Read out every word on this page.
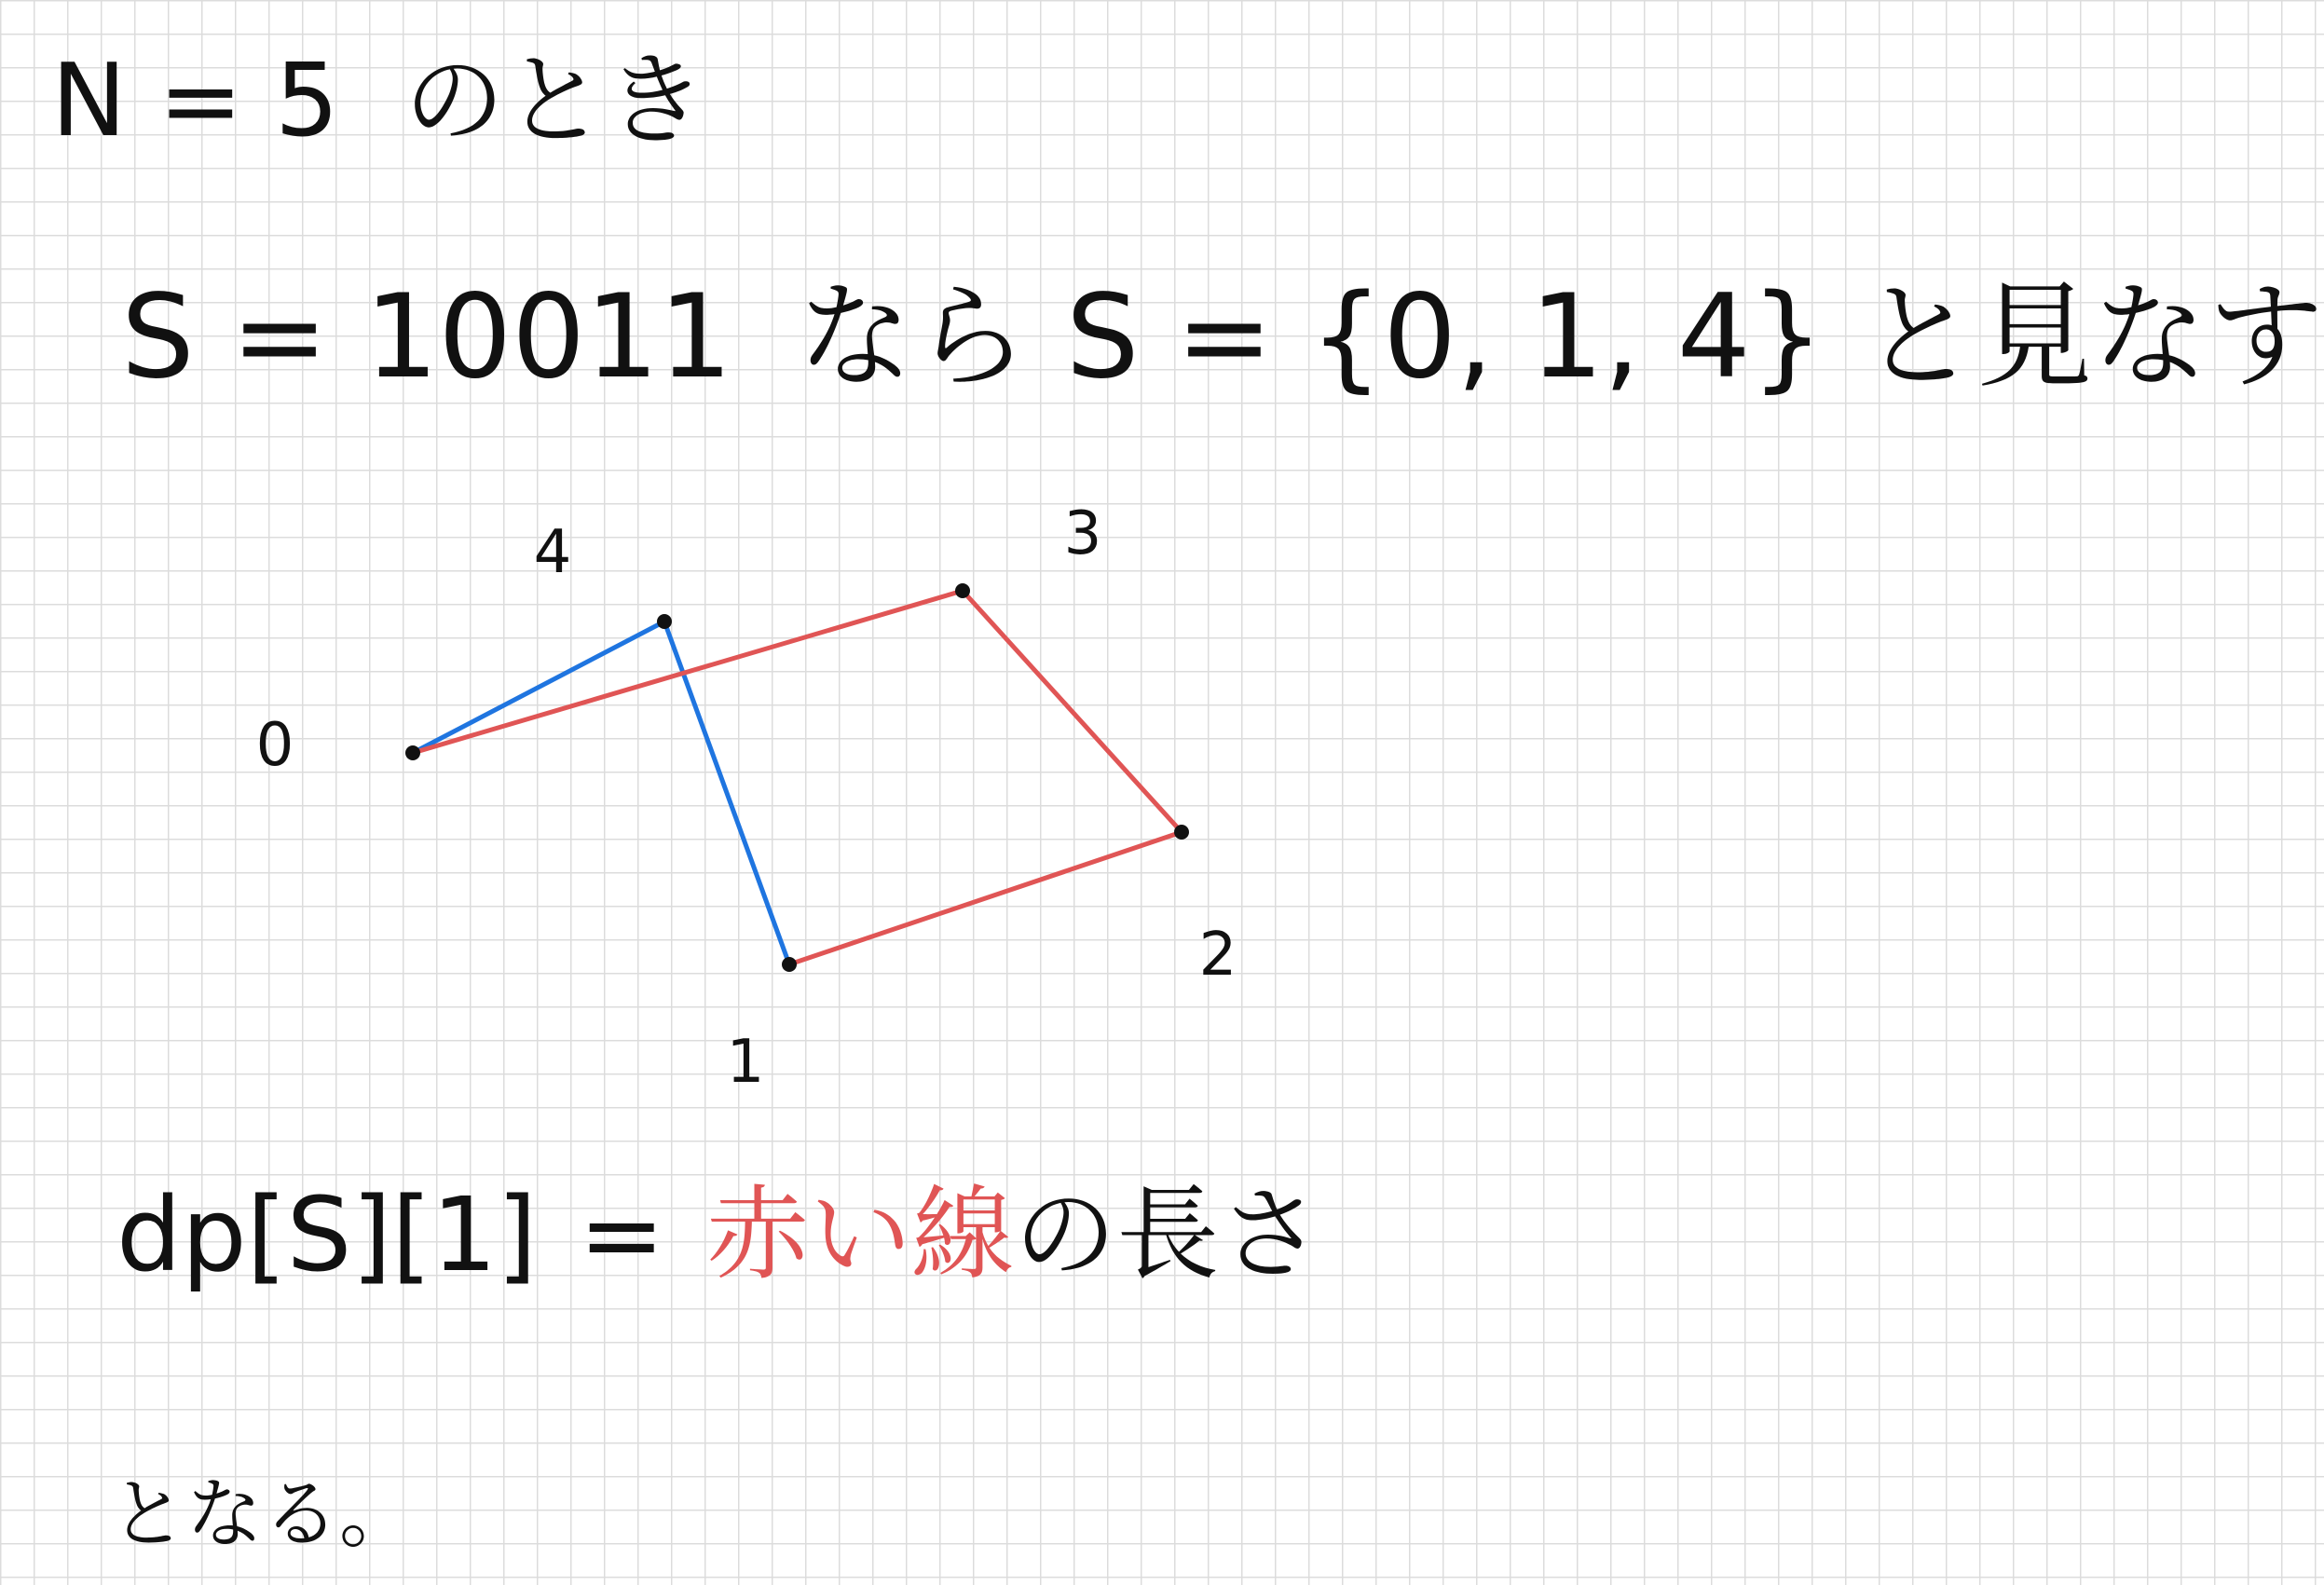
N = 5 のとき

S = 10011 なら S = {0, 1, 4} と見なす

0
1
2
3
4

dp[S][1] = 赤い線の長さ

となる。
